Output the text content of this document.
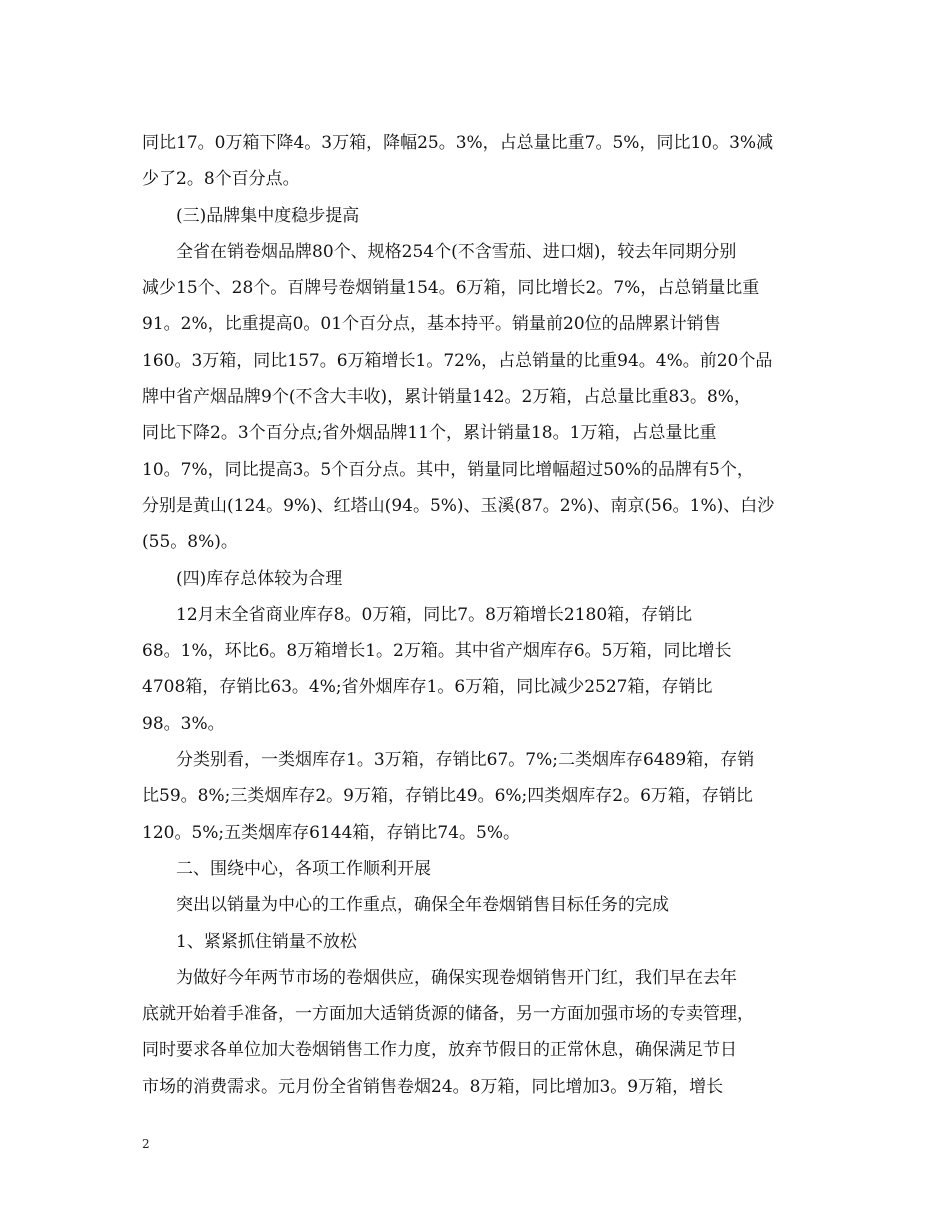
同比17。0万箱下降4。3万箱，降幅25。3%，占总量比重7。5%，同比10。3%减
少了2。8个百分点。
(三)品牌集中度稳步提高
全省在销卷烟品牌80个、规格254个(不含雪茄、进口烟)，较去年同期分别
减少15个、28个。百牌号卷烟销量154。6万箱，同比增长2。7%，占总销量比重
91。2%，比重提高0。01个百分点，基本持平。销量前20位的品牌累计销售
160。3万箱，同比157。6万箱增长1。72%，占总销量的比重94。4%。前20个品
牌中省产烟品牌9个(不含大丰收)，累计销量142。2万箱，占总量比重83。8%，
同比下降2。3个百分点;省外烟品牌11个，累计销量18。1万箱，占总量比重
10。7%，同比提高3。5个百分点。其中，销量同比增幅超过50%的品牌有5个，
分别是黄山(124。9%)、红塔山(94。5%)、玉溪(87。2%)、南京(56。1%)、白沙
(55。8%)。
(四)库存总体较为合理
12月末全省商业库存8。0万箱，同比7。8万箱增长2180箱，存销比
68。1%，环比6。8万箱增长1。2万箱。其中省产烟库存6。5万箱，同比增长
4708箱，存销比63。4%;省外烟库存1。6万箱，同比减少2527箱，存销比
98。3%。
分类别看，一类烟库存1。3万箱，存销比67。7%;二类烟库存6489箱，存销
比59。8%;三类烟库存2。9万箱，存销比49。6%;四类烟库存2。6万箱，存销比
120。5%;五类烟库存6144箱，存销比74。5%。
二、围绕中心，各项工作顺利开展
突出以销量为中心的工作重点，确保全年卷烟销售目标任务的完成
1、紧紧抓住销量不放松
为做好今年两节市场的卷烟供应，确保实现卷烟销售开门红，我们早在去年
底就开始着手准备，一方面加大适销货源的储备，另一方面加强市场的专卖管理，
同时要求各单位加大卷烟销售工作力度，放弃节假日的正常休息，确保满足节日
市场的消费需求。元月份全省销售卷烟24。8万箱，同比增加3。9万箱，增长
2
